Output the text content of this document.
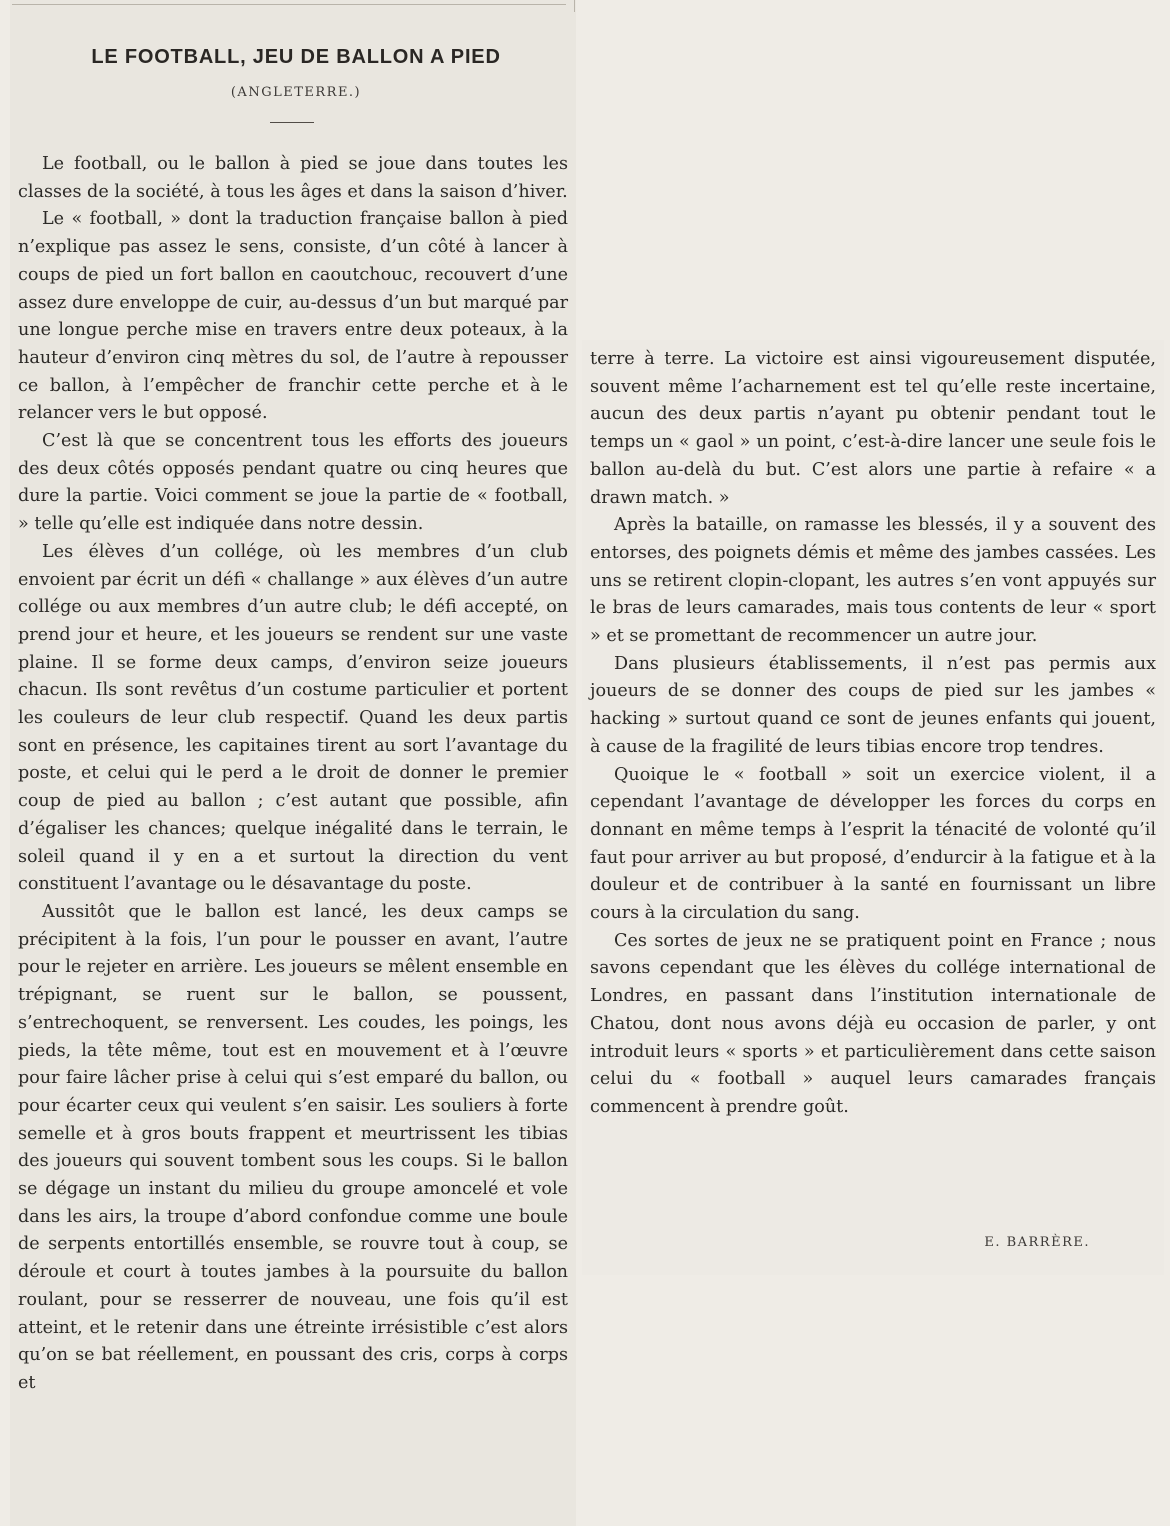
LE FOOTBALL, JEU DE BALLON A PIED
(ANGLETERRE.)

Le football, ou le ballon à pied se joue dans toutes les classes de la société, à tous les âges et dans la saison d’hiver.

Le « football, » dont la traduction française ballon à pied n’explique pas assez le sens, consiste, d’un côté à lancer à coups de pied un fort ballon en caoutchouc, recouvert d’une assez dure enveloppe de cuir, au-dessus d’un but marqué par une longue perche mise en travers entre deux poteaux, à la hauteur d’environ cinq mètres du sol, de l’autre à repousser ce ballon, à l’empêcher de franchir cette perche et à le relancer vers le but opposé.

C’est là que se concentrent tous les efforts des joueurs des deux côtés opposés pendant quatre ou cinq heures que dure la partie. Voici comment se joue la partie de « football, » telle qu’elle est indiquée dans notre dessin.

Les élèves d’un collége, où les membres d’un club envoient par écrit un défi « challange » aux élèves d’un autre collége ou aux membres d’un autre club; le défi accepté, on prend jour et heure, et les joueurs se rendent sur une vaste plaine. Il se forme deux camps, d’environ seize joueurs chacun. Ils sont revêtus d’un costume particulier et portent les couleurs de leur club respectif. Quand les deux partis sont en présence, les capitaines tirent au sort l’avantage du poste, et celui qui le perd a le droit de donner le premier coup de pied au ballon ; c’est autant que possible, afin d’égaliser les chances; quelque inégalité dans le terrain, le soleil quand il y en a et surtout la direction du vent constituent l’avantage ou le désavantage du poste.

Aussitôt que le ballon est lancé, les deux camps se précipitent à la fois, l’un pour le pousser en avant, l’autre pour le rejeter en arrière. Les joueurs se mêlent ensemble en trépignant, se ruent sur le ballon, se poussent, s’entrechoquent, se renversent. Les coudes, les poings, les pieds, la tête même, tout est en mouvement et à l’œuvre pour faire lâcher prise à celui qui s’est emparé du ballon, ou pour écarter ceux qui veulent s’en saisir. Les souliers à forte semelle et à gros bouts frappent et meurtrissent les tibias des joueurs qui souvent tombent sous les coups. Si le ballon se dégage un instant du milieu du groupe amoncelé et vole dans les airs, la troupe d’abord confondue comme une boule de serpents entortillés ensemble, se rouvre tout à coup, se déroule et court à toutes jambes à la poursuite du ballon roulant, pour se resserrer de nouveau, une fois qu’il est atteint, et le retenir dans une étreinte irrésistible c’est alors qu’on se bat réellement, en poussant des cris, corps à corps et

terre à terre. La victoire est ainsi vigoureusement disputée, souvent même l’acharnement est tel qu’elle reste incertaine, aucun des deux partis n’ayant pu obtenir pendant tout le temps un « gaol » un point, c’est-à-dire lancer une seule fois le ballon au-delà du but. C’est alors une partie à refaire « a drawn match. »

Après la bataille, on ramasse les blessés, il y a souvent des entorses, des poignets démis et même des jambes cassées. Les uns se retirent clopin-clopant, les autres s’en vont appuyés sur le bras de leurs camarades, mais tous contents de leur « sport » et se promettant de recommencer un autre jour.

Dans plusieurs établissements, il n’est pas permis aux joueurs de se donner des coups de pied sur les jambes « hacking » surtout quand ce sont de jeunes enfants qui jouent, à cause de la fragilité de leurs tibias encore trop tendres.

Quoique le « football » soit un exercice violent, il a cependant l’avantage de développer les forces du corps en donnant en même temps à l’esprit la ténacité de volonté qu’il faut pour arriver au but proposé, d’endurcir à la fatigue et à la douleur et de contribuer à la santé en fournissant un libre cours à la circulation du sang.

Ces sortes de jeux ne se pratiquent point en France ; nous savons cependant que les élèves du collége international de Londres, en passant dans l’institution internationale de Chatou, dont nous avons déjà eu occasion de parler, y ont introduit leurs « sports » et particulièrement dans cette saison celui du « football » auquel leurs camarades français commencent à prendre goût.

E. BARRÈRE.
